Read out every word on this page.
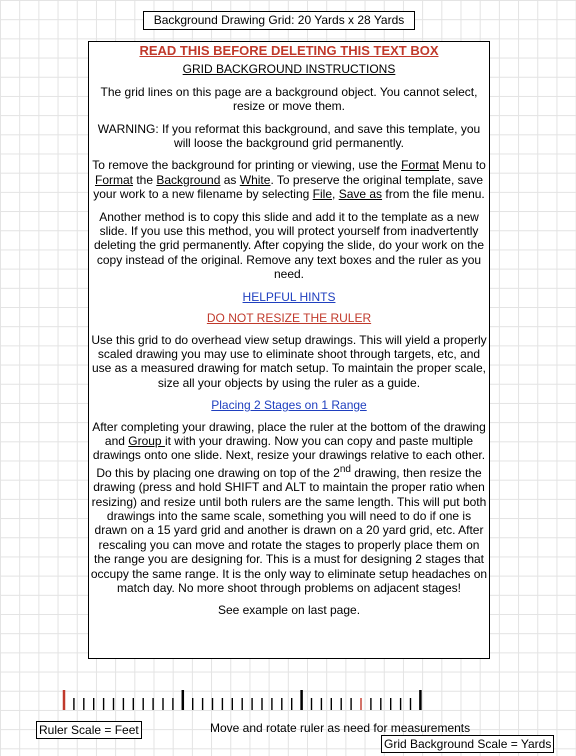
Background Drawing Grid: 20 Yards x 28 Yards

READ THIS BEFORE DELETING THIS TEXT BOX

GRID BACKGROUND INSTRUCTIONS

The grid lines on this page are a background object. You cannot select, resize or move them.

WARNING: If you reformat this background, and save this template, you will loose the background grid permanently.

To remove the background for printing or viewing, use the Format Menu to Format the Background as White. To preserve the original template, save your work to a new filename by selecting File, Save as from the file menu.

Another method is to copy this slide and add it to the template as a new slide. If you use this method, you will protect yourself from inadvertently deleting the grid permanently. After copying the slide, do your work on the copy instead of the original. Remove any text boxes and the ruler as you need.

HELPFUL HINTS

DO NOT RESIZE THE RULER

Use this grid to do overhead view setup drawings. This will yield a properly scaled drawing you may use to eliminate shoot through targets, etc, and use as a measured drawing for match setup. To maintain the proper scale, size all your objects by using the ruler as a guide.

Placing 2 Stages on 1 Range

After completing your drawing, place the ruler at the bottom of the drawing and Group it with your drawing. Now you can copy and paste multiple drawings onto one slide. Next, resize your drawings relative to each other. Do this by placing one drawing on top of the 2nd drawing, then resize the drawing (press and hold SHIFT and ALT to maintain the proper ratio when resizing) and resize until both rulers are the same length. This will put both drawings into the same scale, something you will need to do if one is drawn on a 15 yard grid and another is drawn on a 20 yard grid, etc. After rescaling you can move and rotate the stages to properly place them on the range you are designing for. This is a must for designing 2 stages that occupy the same range. It is the only way to eliminate setup headaches on match day. No more shoot through problems on adjacent stages!

See example on last page.

Ruler Scale = Feet	Move and rotate ruler as need for measurements
Grid Background Scale = Yards
